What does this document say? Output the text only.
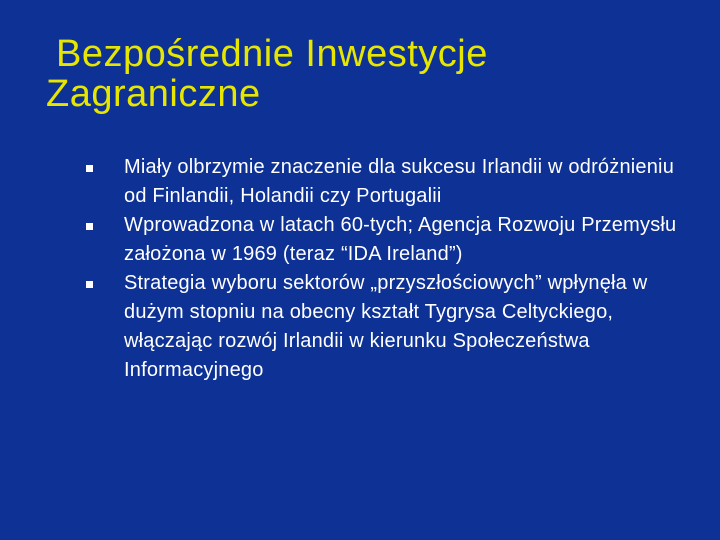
Bezpośrednie Inwestycje
Zagraniczne
Miały olbrzymie znaczenie dla sukcesu Irlandii w odróżnieniu od Finlandii, Holandii czy Portugalii
Wprowadzona w latach 60-tych; Agencja Rozwoju Przemysłu założona w 1969 (teraz “IDA Ireland”)
Strategia wyboru sektorów „przyszłościowych” wpłynęła w dużym stopniu na obecny kształt Tygrysa Celtyckiego, włączając rozwój Irlandii w kierunku Społeczeństwa Informacyjnego
